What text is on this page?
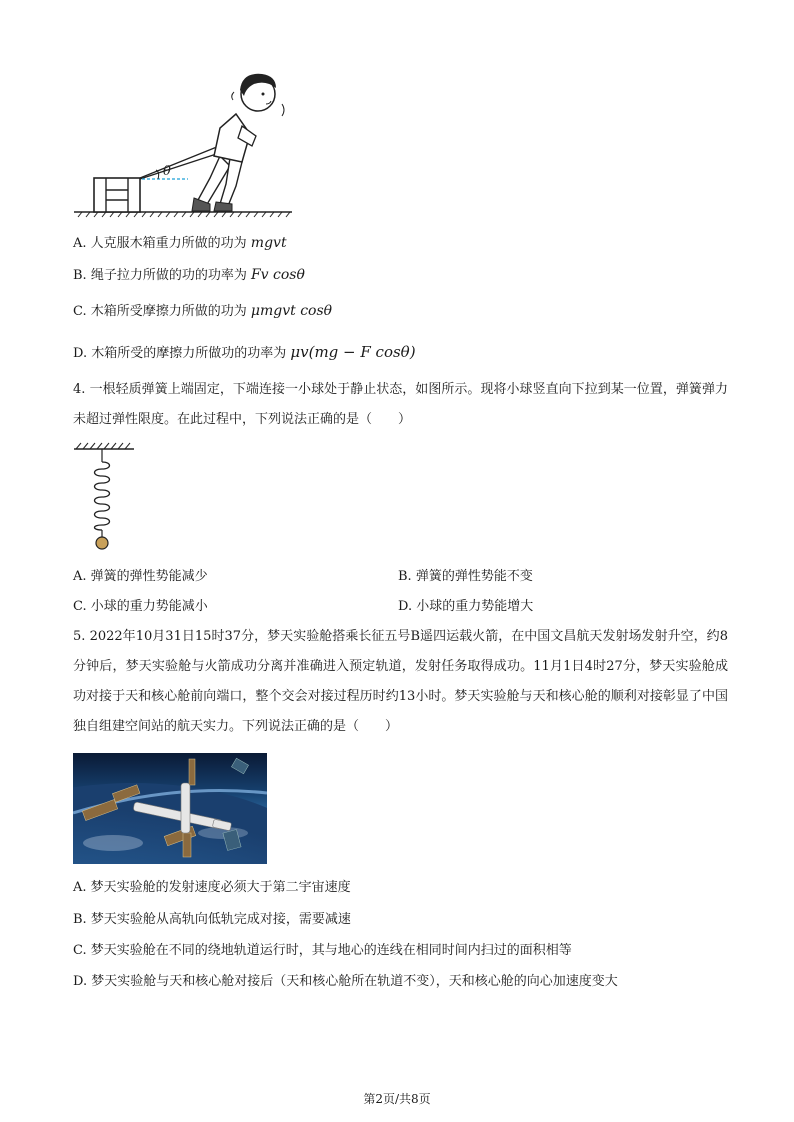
θ
A. 人克服木箱重力所做的功为 mgvt
B. 绳子拉力所做的功的功率为 Fv cosθ
C. 木箱所受摩擦力所做的功为 μmgvt cosθ
D. 木箱所受的摩擦力所做功的功率为 μv(mg − F cosθ)
4. 一根轻质弹簧上端固定，下端连接一小球处于静止状态，如图所示。现将小球竖直向下拉到某一位置，弹簧弹力未超过弹性限度。在此过程中，下列说法正确的是（　　）
A. 弹簧的弹性势能减少	B. 弹簧的弹性势能不变
C. 小球的重力势能减小	D. 小球的重力势能增大
5. 2022年10月31日15时37分，梦天实验舱搭乘长征五号B遥四运载火箭，在中国文昌航天发射场发射升空，约8分钟后，梦天实验舱与火箭成功分离并准确进入预定轨道，发射任务取得成功。11月1日4时27分，梦天实验舱成功对接于天和核心舱前向端口，整个交会对接过程历时约13小时。梦天实验舱与天和核心舱的顺利对接彰显了中国独自组建空间站的航天实力。下列说法正确的是（　　）
A. 梦天实验舱的发射速度必须大于第二宇宙速度
B. 梦天实验舱从高轨向低轨完成对接，需要减速
C. 梦天实验舱在不同的绕地轨道运行时，其与地心的连线在相同时间内扫过的面积相等
D. 梦天实验舱与天和核心舱对接后（天和核心舱所在轨道不变），天和核心舱的向心加速度变大
第2页/共8页
